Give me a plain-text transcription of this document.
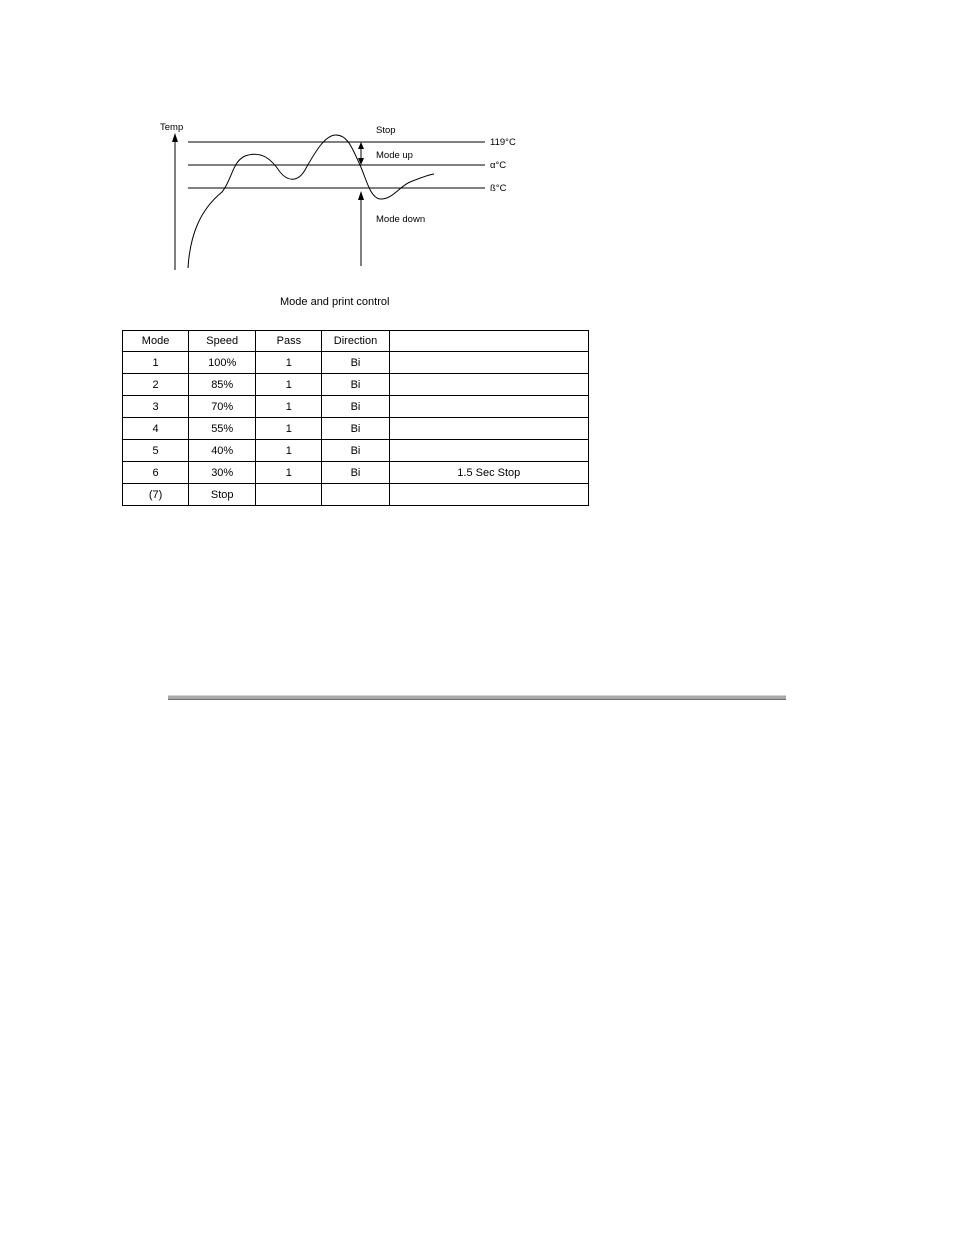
Temp
119°C
α°C
ß°C
Stop
Mode up
Mode down
Mode and print control
Mode	Speed	Pass	Direction	
1	100%	1	Bi	
2	85%	1	Bi	
3	70%	1	Bi	
4	55%	1	Bi	
5	40%	1	Bi	
6	30%	1	Bi	1.5 Sec Stop
(7)	Stop			
